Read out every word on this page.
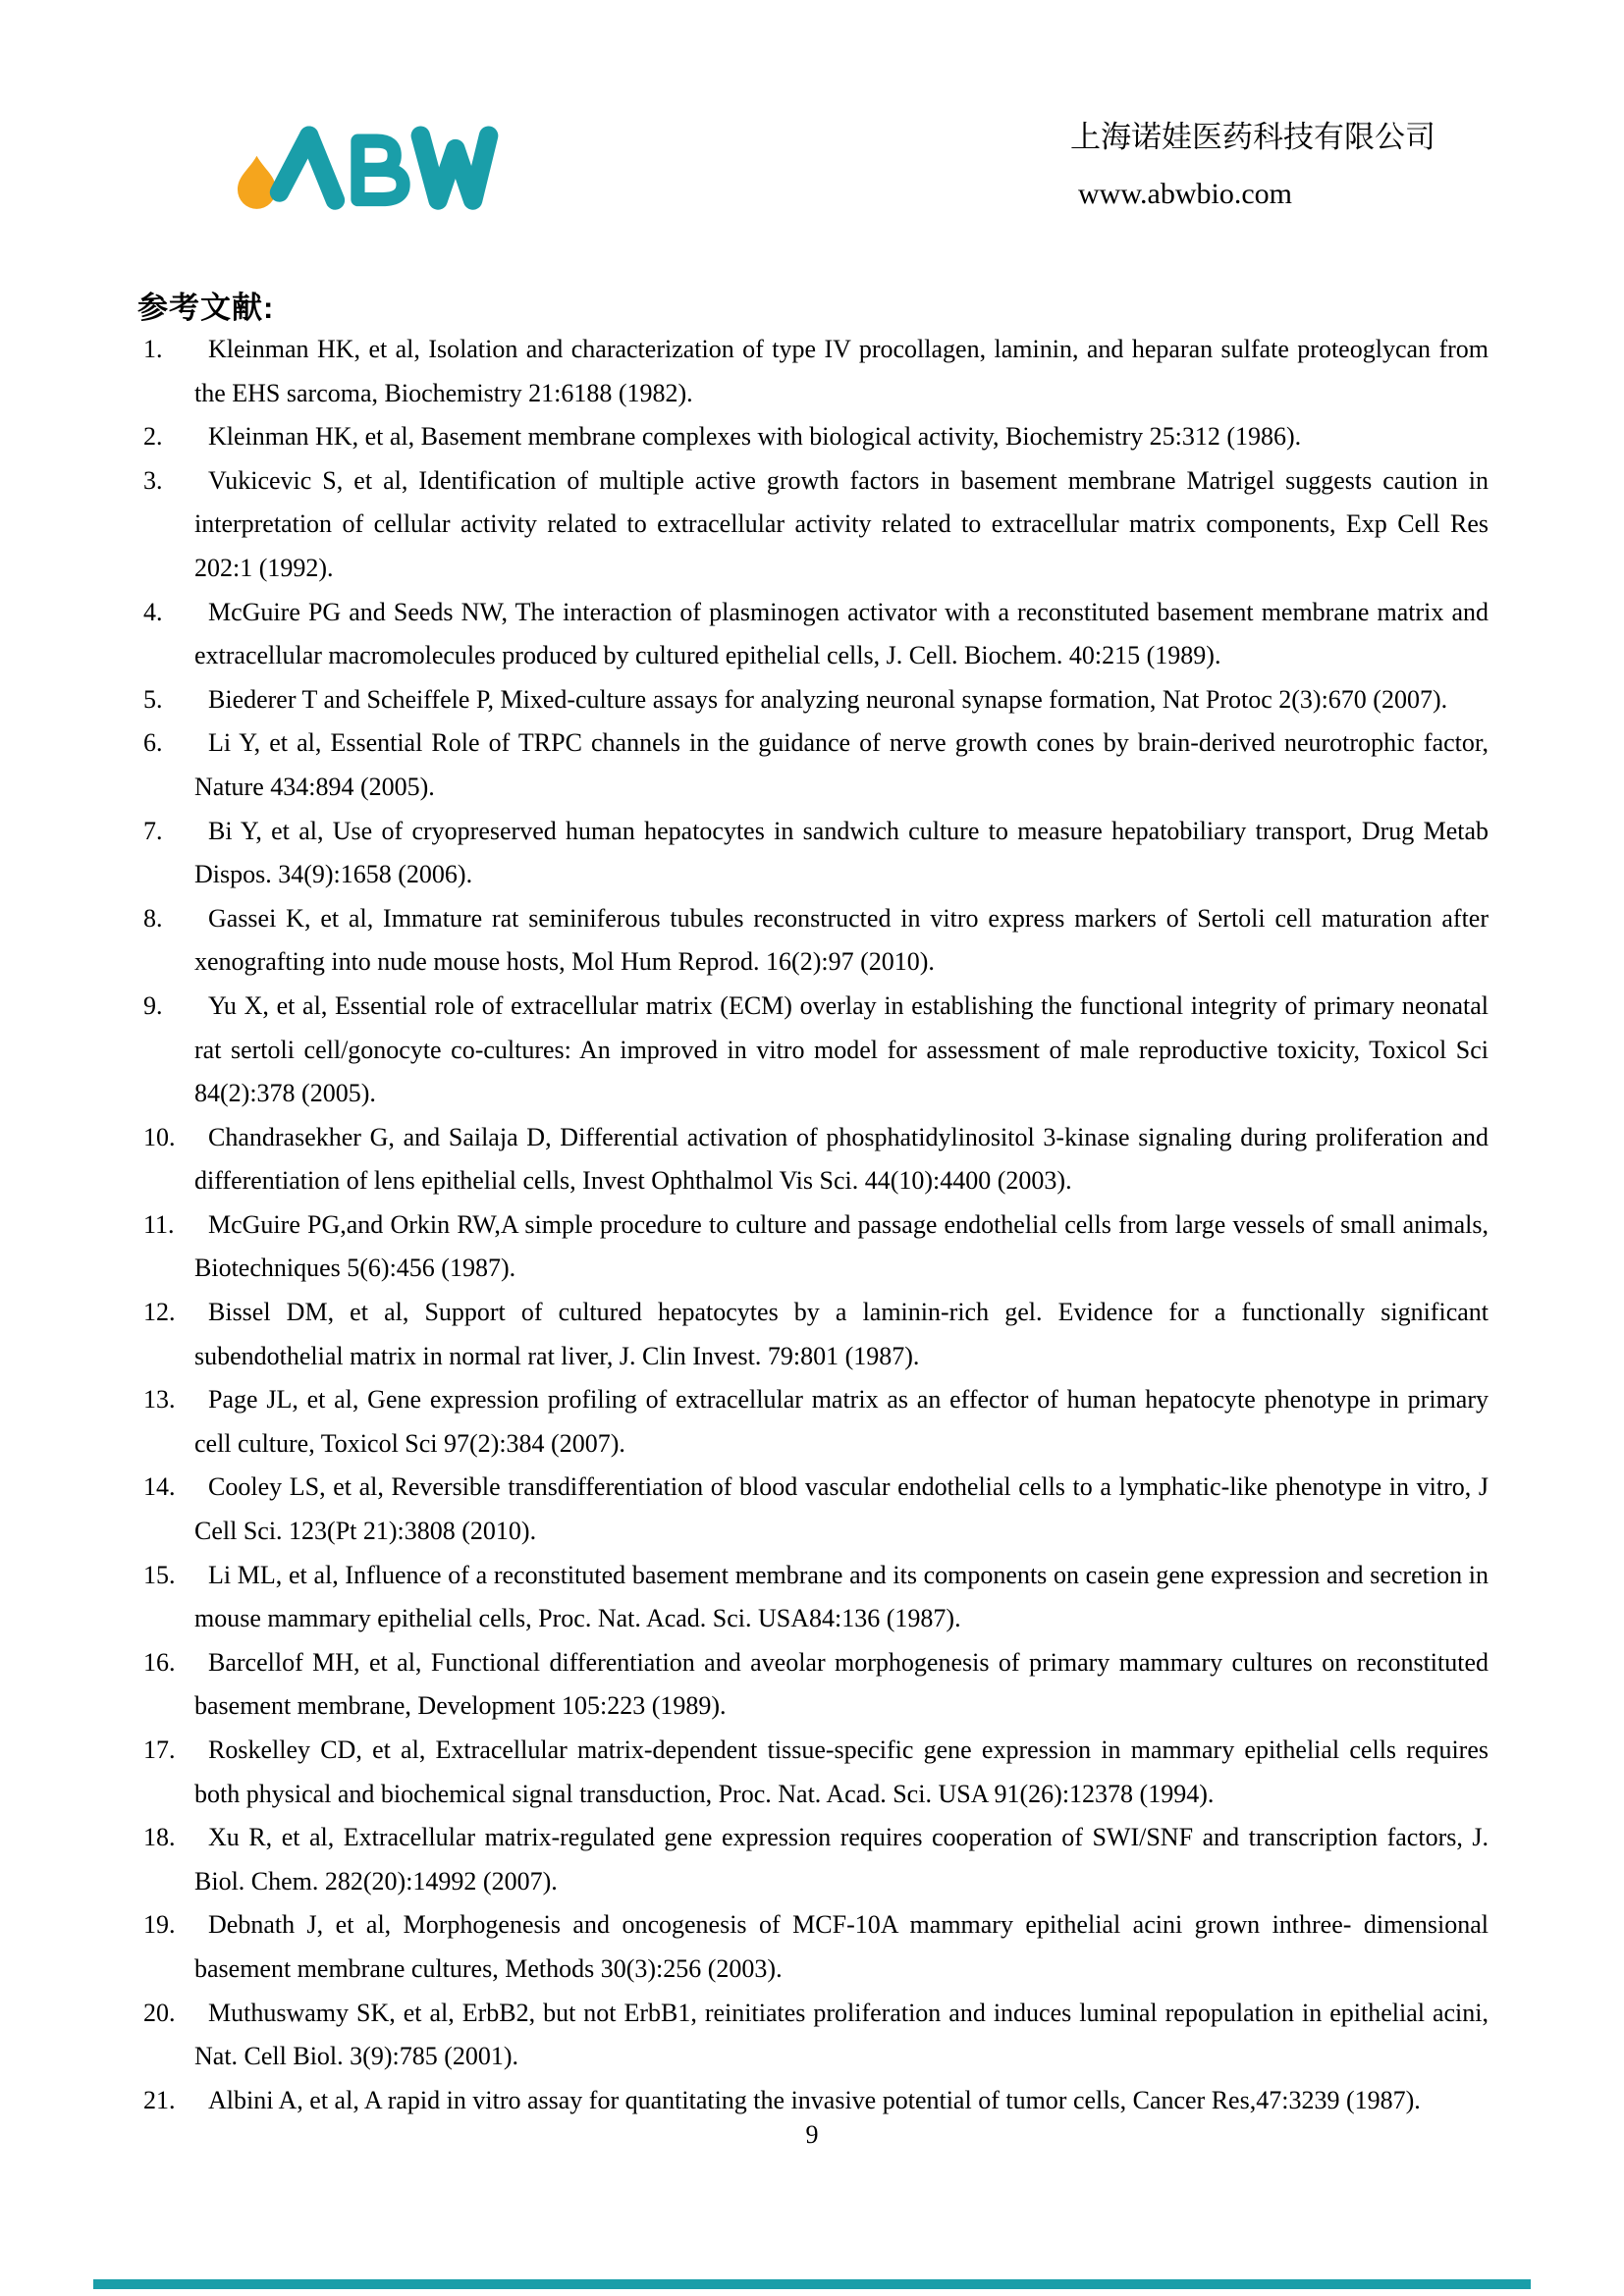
上海诺娃医药科技有限公司
www.abwbio.com
参考文献:
1.	Kleinman HK, et al, Isolation and characterization of type IV procollagen, laminin, and heparan sulfate proteoglycan from the EHS sarcoma, Biochemistry 21:6188 (1982).
2.	Kleinman HK, et al, Basement membrane complexes with biological activity, Biochemistry 25:312 (1986).
3.	Vukicevic S, et al, Identification of multiple active growth factors in basement membrane Matrigel suggests caution in interpretation of cellular activity related to extracellular activity related to extracellular matrix components, Exp Cell Res 202:1 (1992).
4.	McGuire PG and Seeds NW, The interaction of plasminogen activator with a reconstituted basement membrane matrix and extracellular macromolecules produced by cultured epithelial cells, J. Cell. Biochem. 40:215 (1989).
5.	Biederer T and Scheiffele P, Mixed-culture assays for analyzing neuronal synapse formation, Nat Protoc 2(3):670 (2007).
6.	Li Y, et al, Essential Role of TRPC channels in the guidance of nerve growth cones by brain-derived neurotrophic factor, Nature 434:894 (2005).
7.	Bi Y, et al, Use of cryopreserved human hepatocytes in sandwich culture to measure hepatobiliary transport, Drug Metab Dispos. 34(9):1658 (2006).
8.	Gassei K, et al, Immature rat seminiferous tubules reconstructed in vitro express markers of Sertoli cell maturation after xenografting into nude mouse hosts, Mol Hum Reprod. 16(2):97 (2010).
9.	Yu X, et al, Essential role of extracellular matrix (ECM) overlay in establishing the functional integrity of primary neonatal rat sertoli cell/gonocyte co-cultures: An improved in vitro model for assessment of male reproductive toxicity, Toxicol Sci 84(2):378 (2005).
10.	Chandrasekher G, and Sailaja D, Differential activation of phosphatidylinositol 3-kinase signaling during proliferation and differentiation of lens epithelial cells, Invest Ophthalmol Vis Sci. 44(10):4400 (2003).
11.	McGuire PG,and Orkin RW,A simple procedure to culture and passage endothelial cells from large vessels of small animals, Biotechniques 5(6):456 (1987).
12.	Bissel DM, et al, Support of cultured hepatocytes by a laminin-rich gel. Evidence for a functionally significant subendothelial matrix in normal rat liver, J. Clin Invest. 79:801 (1987).
13.	Page JL, et al, Gene expression profiling of extracellular matrix as an effector of human hepatocyte phenotype in primary cell culture, Toxicol Sci 97(2):384 (2007).
14.	Cooley LS, et al, Reversible transdifferentiation of blood vascular endothelial cells to a lymphatic-like phenotype in vitro, J Cell Sci. 123(Pt 21):3808 (2010).
15.	Li ML, et al, Influence of a reconstituted basement membrane and its components on casein gene expression and secretion in mouse mammary epithelial cells, Proc. Nat. Acad. Sci. USA84:136 (1987).
16.	Barcellof MH, et al, Functional differentiation and aveolar morphogenesis of primary mammary cultures on reconstituted basement membrane, Development 105:223 (1989).
17.	Roskelley CD, et al, Extracellular matrix-dependent tissue-specific gene expression in mammary epithelial cells requires both physical and biochemical signal transduction, Proc. Nat. Acad. Sci. USA 91(26):12378 (1994).
18.	Xu R, et al, Extracellular matrix-regulated gene expression requires cooperation of SWI/SNF and transcription factors, J. Biol. Chem. 282(20):14992 (2007).
19.	Debnath J, et al, Morphogenesis and oncogenesis of MCF-10A mammary epithelial acini grown inthree- dimensional basement membrane cultures, Methods 30(3):256 (2003).
20.	Muthuswamy SK, et al, ErbB2, but not ErbB1, reinitiates proliferation and induces luminal repopulation in epithelial acini, Nat. Cell Biol. 3(9):785 (2001).
21.	Albini A, et al, A rapid in vitro assay for quantitating the invasive potential of tumor cells, Cancer Res,47:3239 (1987).
9
